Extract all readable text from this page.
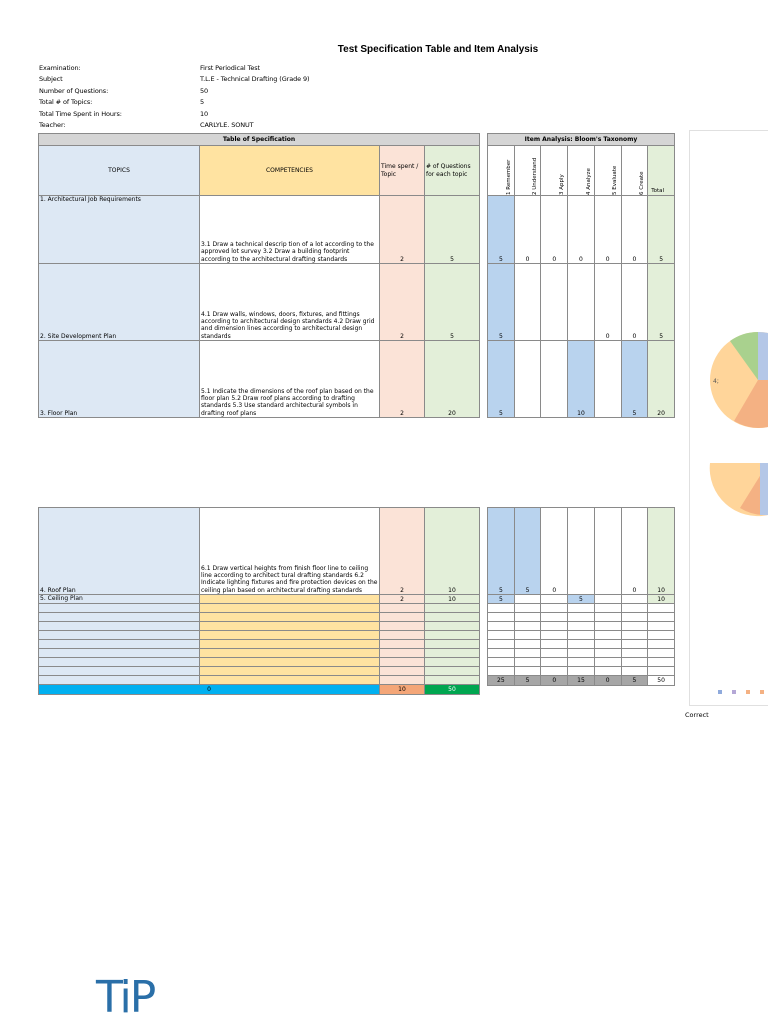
Test Specification Table and Item Analysis
Examination:	First Periodical Test
Subject	T.L.E - Technical Drafting (Grade 9)
Number of Questions:	50
Total # of Topics:	5
Total Time Spent in Hours:	10
Teacher:	CARLYLE. SONUT
Table of Specification			
TOPICS	COMPETENCIES	Time spent / Topic	# of Questions for each topic
1. Architectural Job Requirements	3.1 Draw a technical descrip tion of a lot according to the approved lot survey 3.2 Draw a building footprint according to the architectural drafting standards	2	5
2. Site Development Plan	4.1 Draw walls, windows, doors, fixtures, and fittings according to architectural design standards 4.2 Draw grid and dimension lines according to architectural design standards	2	5
3. Floor Plan	5.1 Indicate the dimensions of the roof plan based on the floor plan 5.2 Draw roof plans according to drafting standards 5.3 Use standard architectural symbols in drafting roof plans	2	20
Item Analysis: Bloom's Taxonomy						
1 Remember	2 Understand	3 Apply	4 Analyze	5 Evaluate	6 Create	Total
5	0	0	0	0	0	5
5				0	0	5
5			10		5	20
4. Roof Plan	6.1 Draw vertical heights from finish floor line to ceiling line according to architect tural drafting standards 6.2 Indicate lighting fixtures and fire protection devices on the ceiling plan based on architectural drafting standards	2	10
5. Ceiling Plan		2	10

0		10	50
5	5	0			0	10
5			5			10

25	5	0	15	0	5	50
4;
Correct
TiP
